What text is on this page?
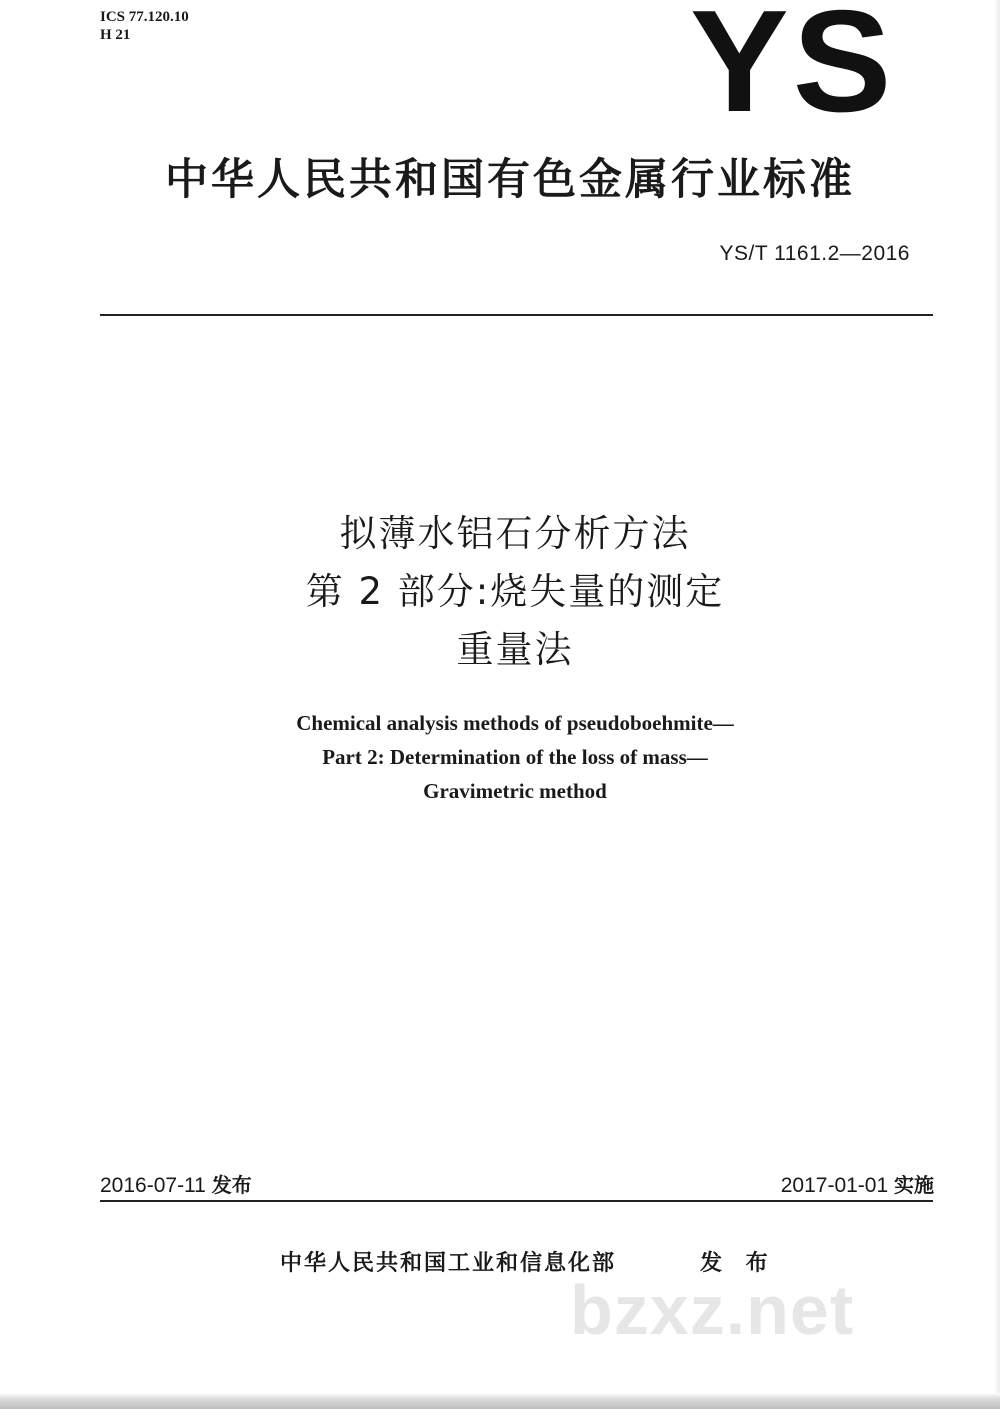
ICS 77.120.10
H 21	YS
中华人民共和国有色金属行业标准
YS/T 1161.2—2016
拟薄水铝石分析方法
第 2 部分:烧失量的测定
重量法
Chemical analysis methods of pseudoboehmite—
Part 2: Determination of the loss of mass—
Gravimetric method
2016-07-11 发布	2017-01-01 实施
中华人民共和国工业和信息化部	发 布
bzxz.net
